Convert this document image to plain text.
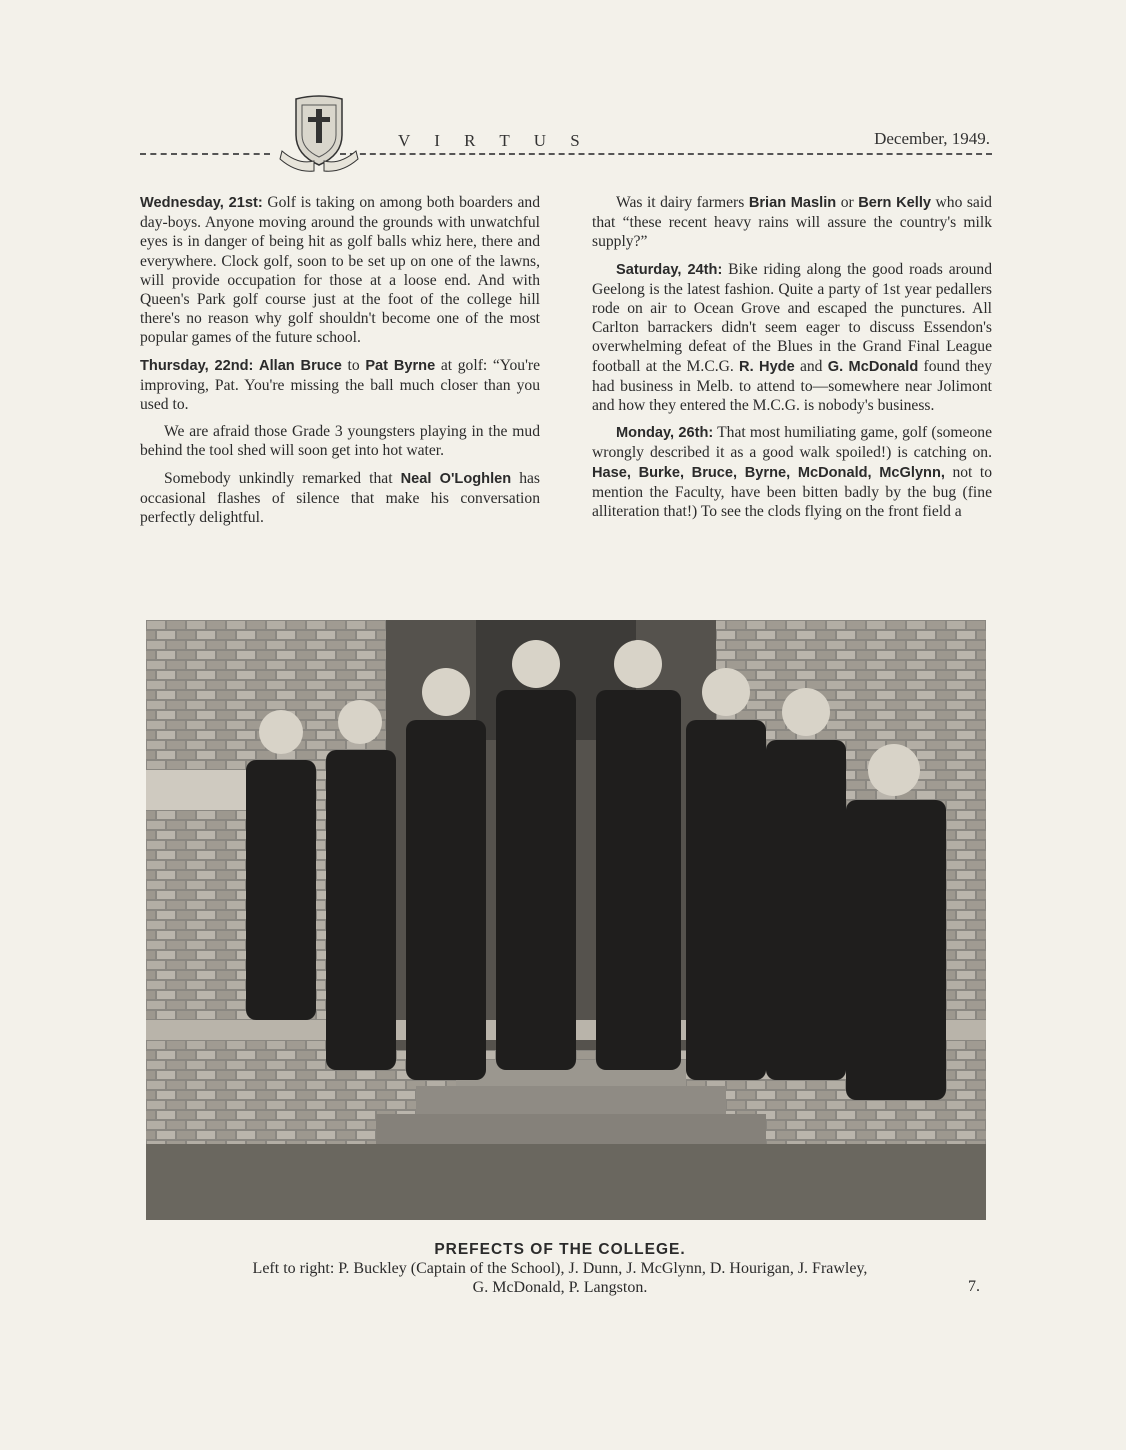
V I R T U S	December, 1949.

Wednesday, 21st: Golf is taking on among both boarders and day-boys. Anyone moving around the grounds with unwatchful eyes is in danger of being hit as golf balls whiz here, there and everywhere. Clock golf, soon to be set up on one of the lawns, will provide occupation for those at a loose end. And with Queen's Park golf course just at the foot of the college hill there's no reason why golf shouldn't become one of the most popular games of the future school.

Thursday, 22nd: Allan Bruce to Pat Byrne at golf: “You're improving, Pat. You're missing the ball much closer than you used to.

We are afraid those Grade 3 youngsters playing in the mud behind the tool shed will soon get into hot water.

Somebody unkindly remarked that Neal O'Loghlen has occasional flashes of silence that make his conversation perfectly delightful.

Was it dairy farmers Brian Maslin or Bern Kelly who said that “these recent heavy rains will assure the country's milk supply?”

Saturday, 24th: Bike riding along the good roads around Geelong is the latest fashion. Quite a party of 1st year pedallers rode on air to Ocean Grove and escaped the punctures. All Carlton barrackers didn't seem eager to discuss Essendon's overwhelming defeat of the Blues in the Grand Final League football at the M.C.G. R. Hyde and G. McDonald found they had business in Melb. to attend to—somewhere near Jolimont and how they entered the M.C.G. is nobody's business.

Monday, 26th: That most humiliating game, golf (someone wrongly described it as a good walk spoiled!) is catching on. Hase, Burke, Bruce, Byrne, McDonald, McGlynn, not to mention the Faculty, have been bitten badly by the bug (fine alliteration that!) To see the clods flying on the front field a

PREFECTS OF THE COLLEGE.
Left to right: P. Buckley (Captain of the School), J. Dunn, J. McGlynn, D. Hourigan, J. Frawley,
G. McDonald, P. Langston.	7.
